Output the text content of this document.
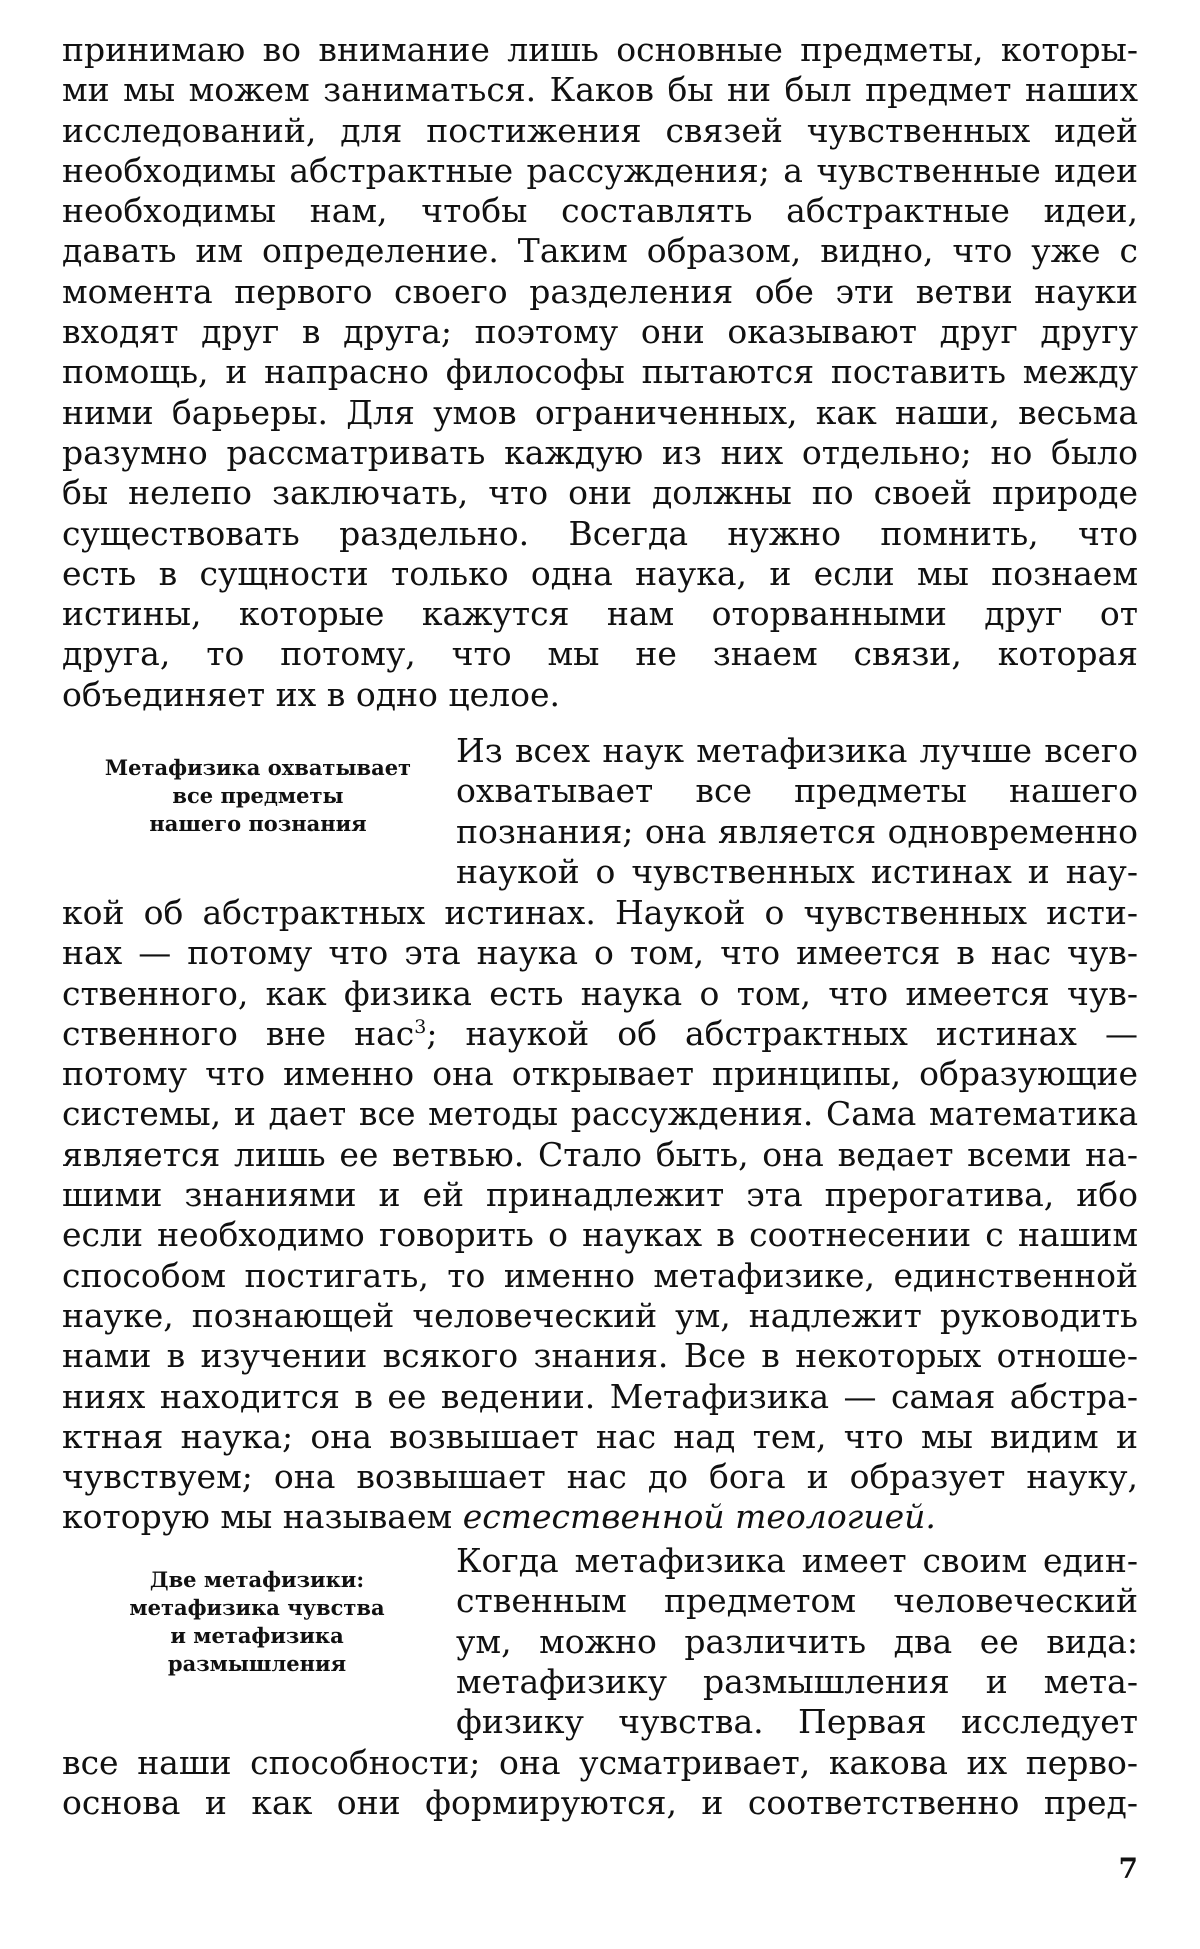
принимаю во внимание лишь основные предметы, которы-
ми мы можем заниматься. Каков бы ни был предмет наших
исследований, для постижения связей чувственных идей
необходимы абстрактные рассуждения; а чувственные идеи
необходимы нам, чтобы составлять абстрактные идеи,
давать им определение. Таким образом, видно, что уже с
момента первого своего разделения обе эти ветви науки
входят друг в друга; поэтому они оказывают друг другу
помощь, и напрасно философы пытаются поставить между
ними барьеры. Для умов ограниченных, как наши, весьма
разумно рассматривать каждую из них отдельно; но было
бы нелепо заключать, что они должны по своей природе
существовать раздельно. Всегда нужно помнить, что
есть в сущности только одна наука, и если мы познаем
истины, которые кажутся нам оторванными друг от
друга, то потому, что мы не знаем связи, которая
объединяет их в одно целое.
Метафизика охватывает
все предметы
нашего познания
Из всех наук метафизика лучше всего
охватывает все предметы нашего
познания; она является одновременно
наукой о чувственных истинах и нау-
кой об абстрактных истинах. Наукой о чувственных исти-
нах — потому что эта наука о том, что имеется в нас чув-
ственного, как физика есть наука о том, что имеется чув-
ственного вне нас$^3$; наукой об абстрактных истинах —
потому что именно она открывает принципы, образующие
системы, и дает все методы рассуждения. Сама математика
является лишь ее ветвью. Стало быть, она ведает всеми на-
шими знаниями и ей принадлежит эта прерогатива, ибо
если необходимо говорить о науках в соотнесении с нашим
способом постигать, то именно метафизике, единственной
науке, познающей человеческий ум, надлежит руководить
нами в изучении всякого знания. Все в некоторых отноше-
ниях находится в ее ведении. Метафизика — самая абстра-
ктная наука; она возвышает нас над тем, что мы видим и
чувствуем; она возвышает нас до бога и образует науку,
которую мы называем естественной теологией.
Две метафизики:
метафизика чувства
и метафизика
размышления
Когда метафизика имеет своим един-
ственным предметом человеческий
ум, можно различить два ее вида:
метафизику размышления и мета-
физику чувства. Первая исследует
все наши способности; она усматривает, какова их перво-
основа и как они формируются, и соответственно пред-
7
